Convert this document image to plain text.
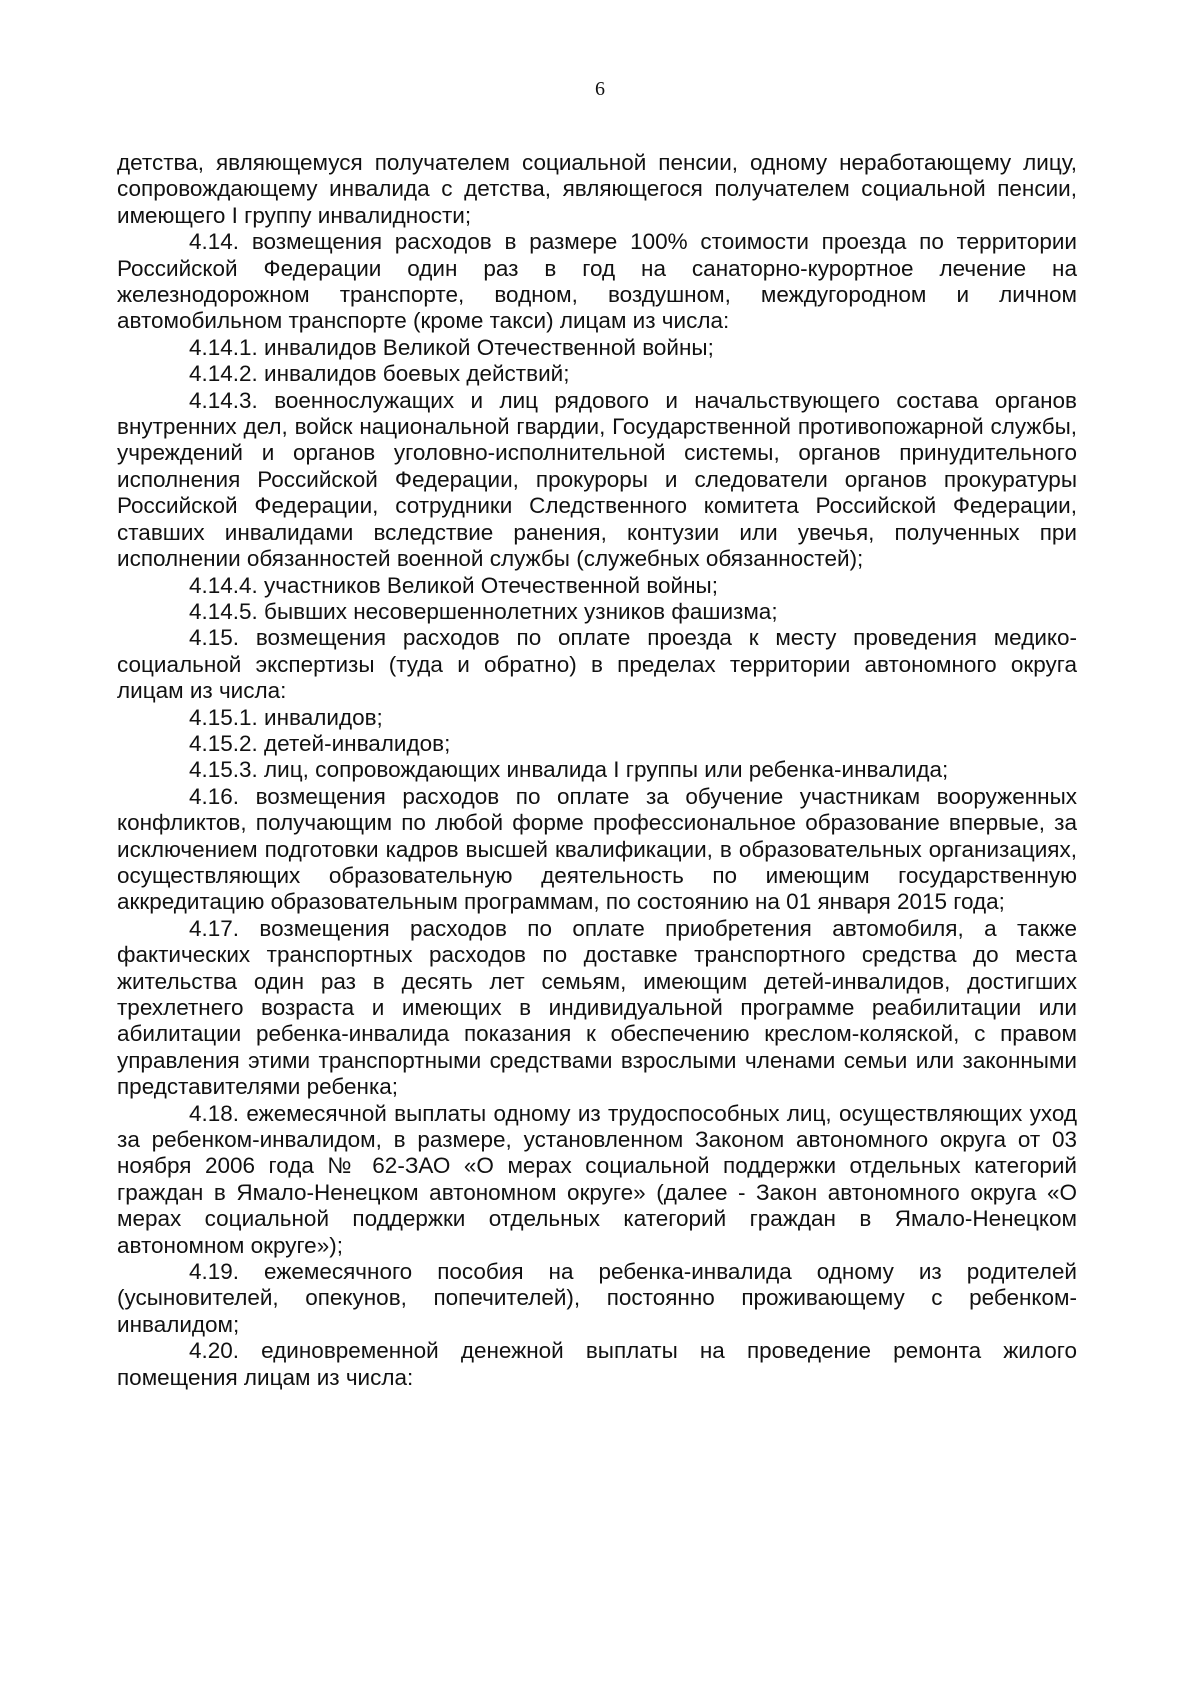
6

детства, являющемуся получателем социальной пенсии, одному неработающему лицу, сопровождающему инвалида с детства, являющегося получателем социальной пенсии, имеющего I группу инвалидности;

4.14. возмещения расходов в размере 100% стоимости проезда по территории Российской Федерации один раз в год на санаторно-курортное лечение на железнодорожном транспорте, водном, воздушном, междугородном и личном автомобильном транспорте (кроме такси) лицам из числа:

4.14.1. инвалидов Великой Отечественной войны;

4.14.2. инвалидов боевых действий;

4.14.3. военнослужащих и лиц рядового и начальствующего состава органов внутренних дел, войск национальной гвардии, Государственной противопожарной службы, учреждений и органов уголовно-исполнительной системы, органов принудительного исполнения Российской Федерации, прокуроры и следователи органов прокуратуры Российской Федерации, сотрудники Следственного комитета Российской Федерации, ставших инвалидами вследствие ранения, контузии или увечья, полученных при исполнении обязанностей военной службы (служебных обязанностей);

4.14.4. участников Великой Отечественной войны;

4.14.5. бывших несовершеннолетних узников фашизма;

4.15. возмещения расходов по оплате проезда к месту проведения медико-социальной экспертизы (туда и обратно) в пределах территории автономного округа лицам из числа:

4.15.1. инвалидов;

4.15.2. детей-инвалидов;

4.15.3. лиц, сопровождающих инвалида I группы или ребенка-инвалида;

4.16. возмещения расходов по оплате за обучение участникам вооруженных конфликтов, получающим по любой форме профессиональное образование впервые, за исключением подготовки кадров высшей квалификации, в образовательных организациях, осуществляющих образовательную деятельность по имеющим государственную аккредитацию образовательным программам, по состоянию на 01 января 2015 года;

4.17. возмещения расходов по оплате приобретения автомобиля, а также фактических транспортных расходов по доставке транспортного средства до места жительства один раз в десять лет семьям, имеющим детей-инвалидов, достигших трехлетнего возраста и имеющих в индивидуальной программе реабилитации или абилитации ребенка-инвалида показания к обеспечению креслом-коляской, с правом управления этими транспортными средствами взрослыми членами семьи или законными представителями ребенка;

4.18. ежемесячной выплаты одному из трудоспособных лиц, осуществляющих уход за ребенком-инвалидом, в размере, установленном Законом автономного округа от 03 ноября 2006 года № 62-ЗАО «О мерах социальной поддержки отдельных категорий граждан в Ямало-Ненецком автономном округе» (далее - Закон автономного округа «О мерах социальной поддержки отдельных категорий граждан в Ямало-Ненецком автономном округе»);

4.19. ежемесячного пособия на ребенка-инвалида одному из родителей (усыновителей, опекунов, попечителей), постоянно проживающему с ребенком-инвалидом;

4.20. единовременной денежной выплаты на проведение ремонта жилого помещения лицам из числа:
